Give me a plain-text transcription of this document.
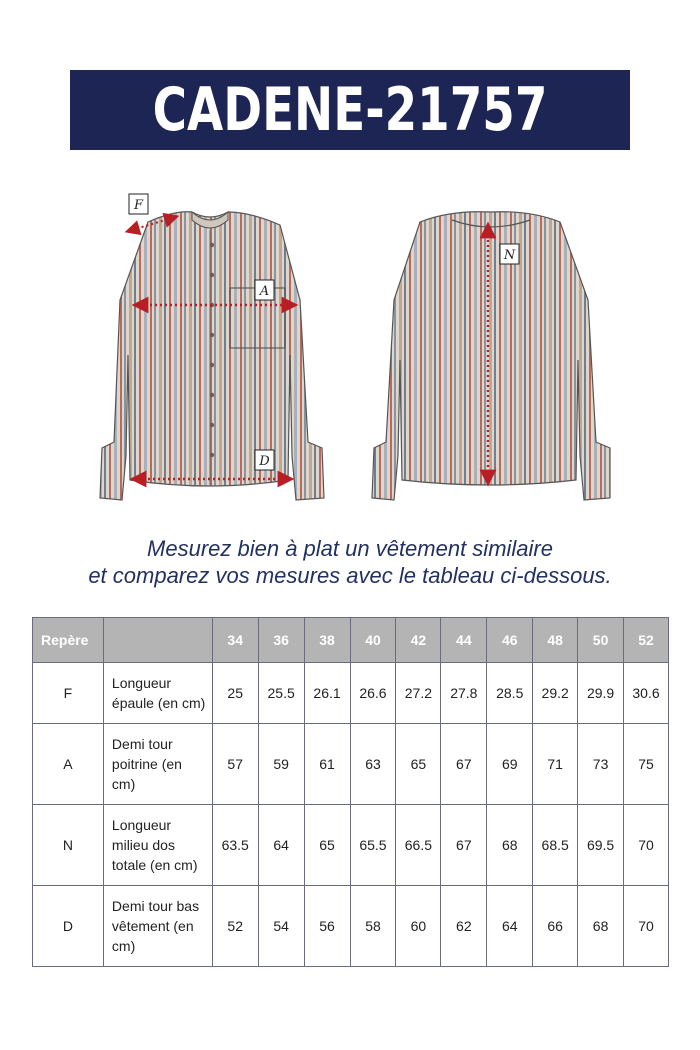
CADENE-21757
F
A
D
N
Mesurez bien à plat un vêtement similaire
et comparez vos mesures avec le tableau ci-dessous.
Repère		34	36	38	40	42	44	46	48	50	52
F	Longueur épaule (en cm)	25	25.5	26.1	26.6	27.2	27.8	28.5	29.2	29.9	30.6
A	Demi tour poitrine (en cm)	57	59	61	63	65	67	69	71	73	75
N	Longueur milieu dos totale (en cm)	63.5	64	65	65.5	66.5	67	68	68.5	69.5	70
D	Demi tour bas vêtement (en cm)	52	54	56	58	60	62	64	66	68	70
